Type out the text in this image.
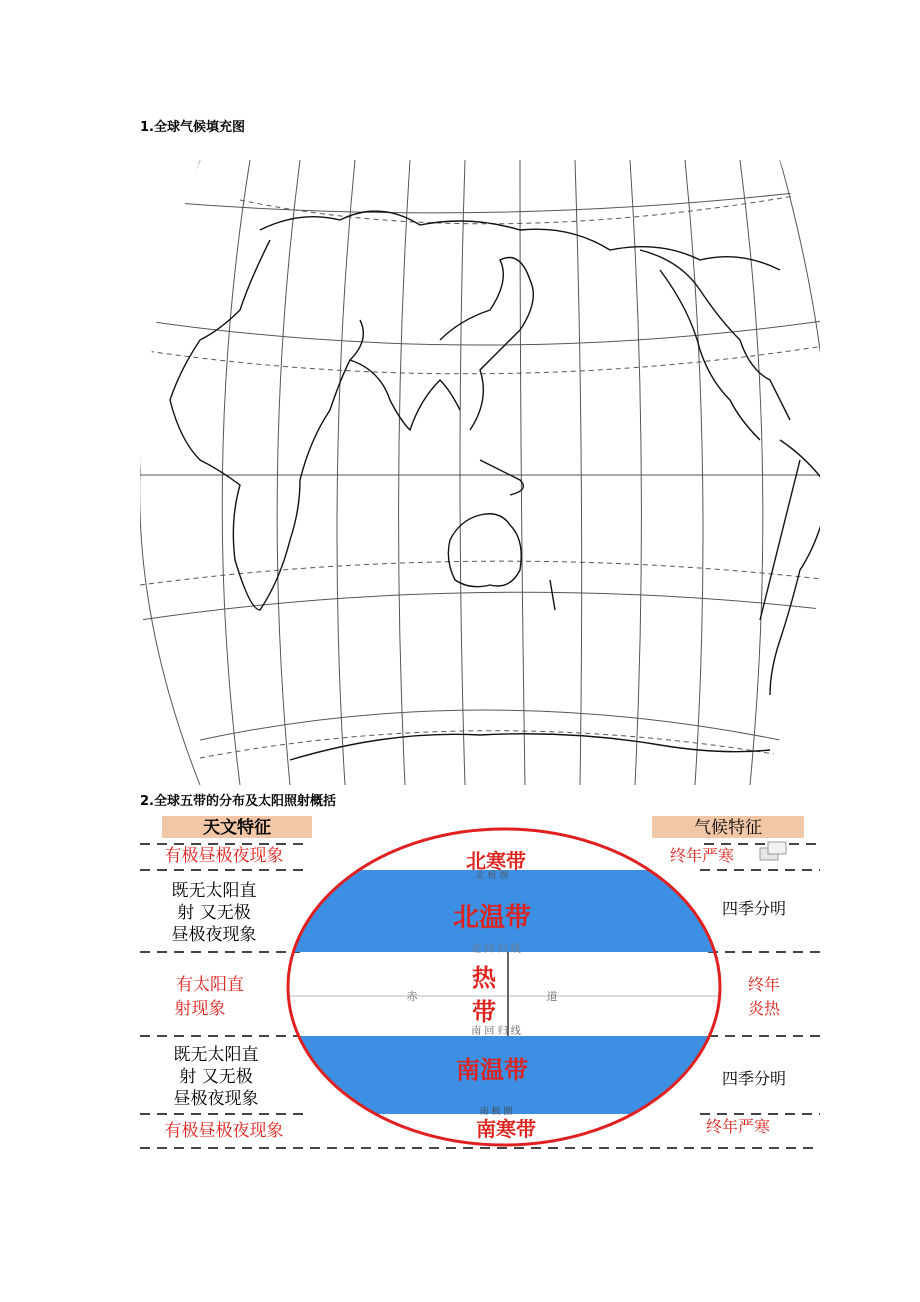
1.全球气候填充图
2.全球五带的分布及太阳照射概括
天文特征	气候特征
北寒带
北温带
热
带
南温带
南寒带
北 极 圈
北 回 归 线
赤	道
南 回 归 线
南 极 圈
有极昼极夜现象
既无太阳直
射 又无极
昼极夜现象
有太阳直
射现象
既无太阳直
射 又无极
昼极夜现象
有极昼极夜现象
终年严寒
四季分明
终年
炎热
四季分明
终年严寒
